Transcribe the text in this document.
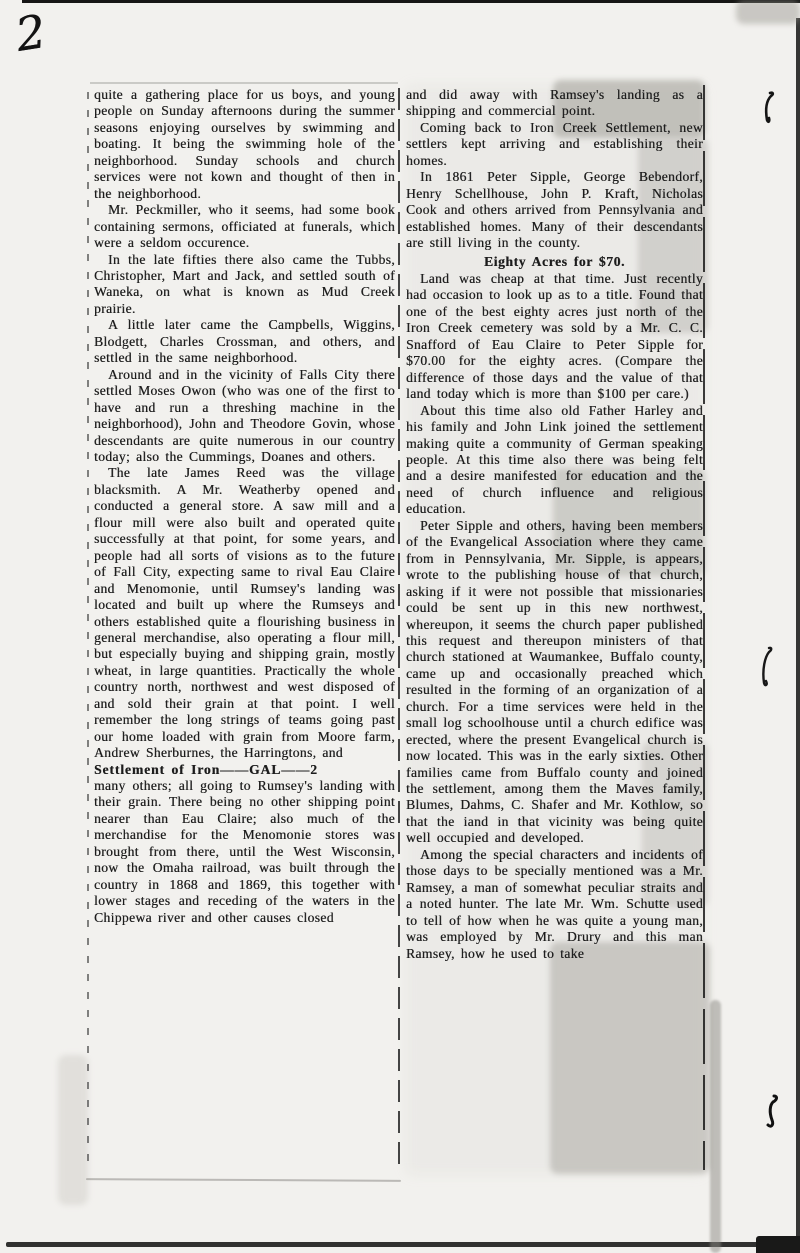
2

quite a gathering place for us boys, and young people on Sunday afternoons during the summer seasons enjoying ourselves by swimming and boating. It being the swimming hole of the neighborhood. Sunday schools and church services were not kown and thought of then in the neighborhood.

Mr. Peckmiller, who it seems, had some book containing sermons, officiated at funerals, which were a seldom occurence.

In the late fifties there also came the Tubbs, Christopher, Mart and Jack, and settled south of Waneka, on what is known as Mud Creek prairie.

A little later came the Campbells, Wiggins, Blodgett, Charles Crossman, and others, and settled in the same neighborhood.

Around and in the vicinity of Falls City there settled Moses Owon (who was one of the first to have and run a threshing machine in the neighborhood), John and Theodore Govin, whose descendants are quite numerous in our country today; also the Cummings, Doanes and others.

The late James Reed was the village blacksmith. A Mr. Weatherby opened and conducted a general store. A saw mill and a flour mill were also built and operated quite successfully at that point, for some years, and people had all sorts of visions as to the future of Fall City, expecting same to rival Eau Claire and Menomonie, until Rumsey's landing was located and built up where the Rumseys and others established quite a flourishing business in general merchandise, also operating a flour mill, but especially buying and shipping grain, mostly wheat, in large quantities. Practically the whole country north, northwest and west disposed of and sold their grain at that point. I well remember the long strings of teams going past our home loaded with grain from Moore farm, Andrew Sherburnes, the Harringtons, and

Settlement of Iron——GAL——2

many others; all going to Rumsey's landing with their grain. There being no other shipping point nearer than Eau Claire; also much of the merchandise for the Menomonie stores was brought from there, until the West Wisconsin, now the Omaha railroad, was built through the country in 1868 and 1869, this together with lower stages and receding of the waters in the Chippewa river and other causes closed

and did away with Ramsey's landing as a shipping and commercial point.

Coming back to Iron Creek Settlement, new settlers kept arriving and establishing their homes.

In 1861 Peter Sipple, George Bebendorf, Henry Schellhouse, John P. Kraft, Nicholas Cook and others arrived from Pennsylvania and established homes. Many of their descendants are still living in the county.

Eighty Acres for $70.

Land was cheap at that time. Just recently had occasion to look up as to a title. Found that one of the best eighty acres just north of the Iron Creek cemetery was sold by a Mr. C. C. Snafford of Eau Claire to Peter Sipple for $70.00 for the eighty acres. (Compare the difference of those days and the value of that land today which is more than $100 per care.)

About this time also old Father Harley and his family and John Link joined the settlement making quite a community of German speaking people. At this time also there was being felt and a desire manifested for education and the need of church influence and religious education.

Peter Sipple and others, having been members of the Evangelical Association where they came from in Pennsylvania, Mr. Sipple, is appears, wrote to the publishing house of that church, asking if it were not possible that missionaries could be sent up in this new northwest, whereupon, it seems the church paper published this request and thereupon ministers of that church stationed at Waumankee, Buffalo county, came up and occasionally preached which resulted in the forming of an organization of a church. For a time services were held in the small log schoolhouse until a church edifice was erected, where the present Evangelical church is now located. This was in the early sixties. Other families came from Buffalo county and joined the settlement, among them the Maves family, Blumes, Dahms, C. Shafer and Mr. Kothlow, so that the iand in that vicinity was being quite well occupied and developed.

Among the special characters and incidents of those days to be specially mentioned was a Mr. Ramsey, a man of somewhat peculiar straits and a noted hunter. The late Mr. Wm. Schutte used to tell of how when he was quite a young man, was employed by Mr. Drury and this man Ramsey, how he used to take
